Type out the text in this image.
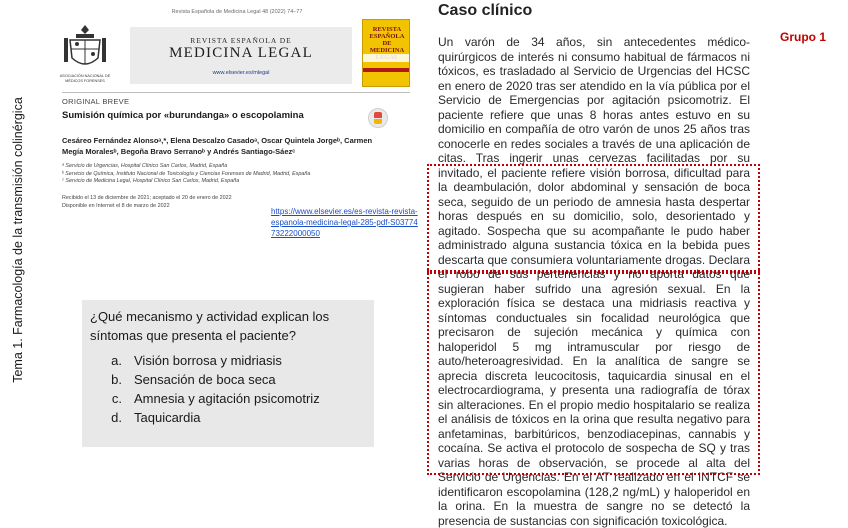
Tema 1. Farmacología de la transmisión colinérgica
Revista Española de Medicina Legal 48 (2022) 74–77
ASOCIACIÓN NACIONAL DE MÉDICOS FORENSES
REVISTA ESPAÑOLA DE
MEDICINA LEGAL
www.elsevier.es/mlegal
REVISTA ESPAÑOLA DE MEDICINA
ORIGINAL BREVE
Sumisión química por «burundanga» o escopolamina
Cesáreo Fernández Alonsoᵃ,*, Elena Descalzo Casadoᵃ, Oscar Quintela Jorgeᵇ, Carmen Megía Moralesᵇ, Begoña Bravo Serranoᵇ y Andrés Santiago-Sáezᶜ
ᵃ Servicio de Urgencias, Hospital Clínico San Carlos, Madrid, España
ᵇ Servicio de Química, Instituto Nacional de Toxicología y Ciencias Forenses de Madrid, Madrid, España
ᶜ Servicio de Medicina Legal, Hospital Clínico San Carlos, Madrid, España
Recibido el 13 de diciembre de 2021; aceptado el 20 de enero de 2022
Disponible en Internet el 8 de marzo de 2022
https://www.elsevier.es/es-revista-revista-espanola-medicina-legal-285-pdf-S0377473222000050
¿Qué mecanismo y actividad explican los síntomas que presenta el paciente?
a. Visión borrosa y midriasis
b. Sensación de boca seca
c. Amnesia y agitación psicomotriz
d. Taquicardia
Caso clínico
Un varón de 34 años, sin antecedentes médico-quirúrgicos de interés ni consumo habitual de fármacos ni tóxicos, es trasladado al Servicio de Urgencias del HCSC en enero de 2020 tras ser atendido en la vía pública por el Servicio de Emergencias por agitación psicomotriz. El paciente refiere que unas 8 horas antes estuvo en su domicilio en compañía de otro varón de unos 25 años tras conocerle en redes sociales a través de una aplicación de citas. Tras ingerir unas cervezas facilitadas por su invitado, el paciente refiere visión borrosa, dificultad para la deambulación, dolor abdominal y sensación de boca seca, seguido de un periodo de amnesia hasta despertar horas después en su domicilio, solo, desorientado y agitado. Sospecha que su acompañante le pudo haber administrado alguna sustancia tóxica en la bebida pues descarta que consumiera voluntariamente drogas. Declara el robo de sus pertenencias y no aporta datos que sugieran haber sufrido una agresión sexual. En la exploración física se destaca una midriasis reactiva y síntomas conductuales sin focalidad neurológica que precisaron de sujeción mecánica y química con haloperidol 5 mg intramuscular por riesgo de auto/heteroagresividad. En la analítica de sangre se aprecia discreta leucocitosis, taquicardia sinusal en el electrocardiograma, y presenta una radiografía de tórax sin alteraciones. En el propio medio hospitalario se realiza el análisis de tóxicos en la orina que resulta negativo para anfetaminas, barbitúricos, benzodiacepinas, cannabis y cocaína. Se activa el protocolo de sospecha de SQ y tras varias horas de observación, se procede al alta del Servicio de Urgencias. En el AT realizado en el INTCF se identificaron escopolamina (128,2 ng/mL) y haloperidol en la orina. En la muestra de sangre no se detectó la presencia de sustancias con significación toxicológica.
Grupo 1
